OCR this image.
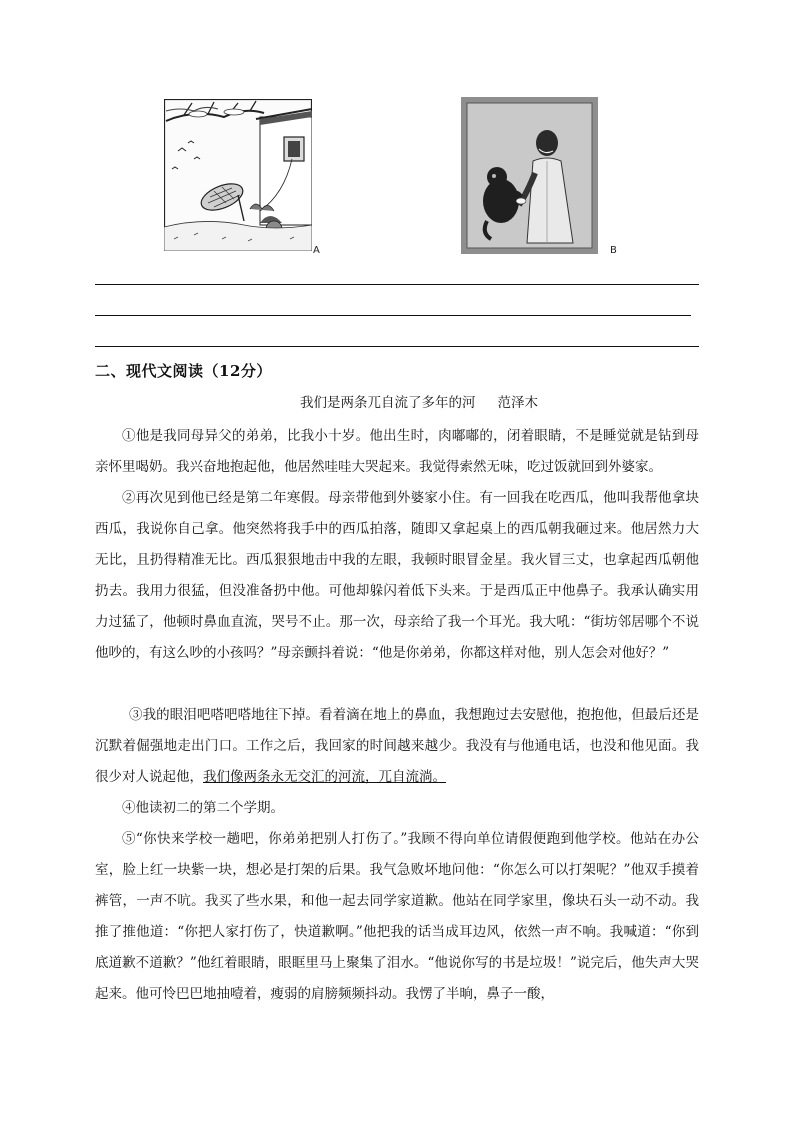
A	B
二、现代文阅读（12分）
我们是两条兀自流了多年的河 范泽木

①他是我同母异父的弟弟，比我小十岁。他出生时，肉嘟嘟的，闭着眼睛，不是睡觉就是钻到母亲怀里喝奶。我兴奋地抱起他，他居然哇哇大哭起来。我觉得索然无味，吃过饭就回到外婆家。

②再次见到他已经是第二年寒假。母亲带他到外婆家小住。有一回我在吃西瓜，他叫我帮他拿块西瓜，我说你自己拿。他突然将我手中的西瓜拍落，随即又拿起桌上的西瓜朝我砸过来。他居然力大无比，且扔得精准无比。西瓜狠狠地击中我的左眼，我顿时眼冒金星。我火冒三丈，也拿起西瓜朝他扔去。我用力很猛，但没准备扔中他。可他却躲闪着低下头来。于是西瓜正中他鼻子。我承认确实用力过猛了，他顿时鼻血直流，哭号不止。那一次，母亲给了我一个耳光。我大吼：“街坊邻居哪个不说他吵的，有这么吵的小孩吗？”母亲颤抖着说：“他是你弟弟，你都这样对他，别人怎会对他好？”

③我的眼泪吧嗒吧嗒地往下掉。看着滴在地上的鼻血，我想跑过去安慰他，抱抱他，但最后还是沉默着倔强地走出门口。工作之后，我回家的时间越来越少。我没有与他通电话，也没和他见面。我很少对人说起他，我们像两条永无交汇的河流，兀自流淌。

④他读初二的第二个学期。

⑤“你快来学校一趟吧，你弟弟把别人打伤了。”我顾不得向单位请假便跑到他学校。他站在办公室，脸上红一块紫一块，想必是打架的后果。我气急败坏地问他：“你怎么可以打架呢？”他双手摸着裤管，一声不吭。我买了些水果，和他一起去同学家道歉。他站在同学家里，像块石头一动不动。我推了推他道：“你把人家打伤了，快道歉啊。”他把我的话当成耳边风，依然一声不响。我喊道：“你到底道歉不道歉？”他红着眼睛，眼眶里马上聚集了泪水。“他说你写的书是垃圾！”说完后，他失声大哭起来。他可怜巴巴地抽噎着，瘦弱的肩膀频频抖动。我愣了半晌，鼻子一酸，
